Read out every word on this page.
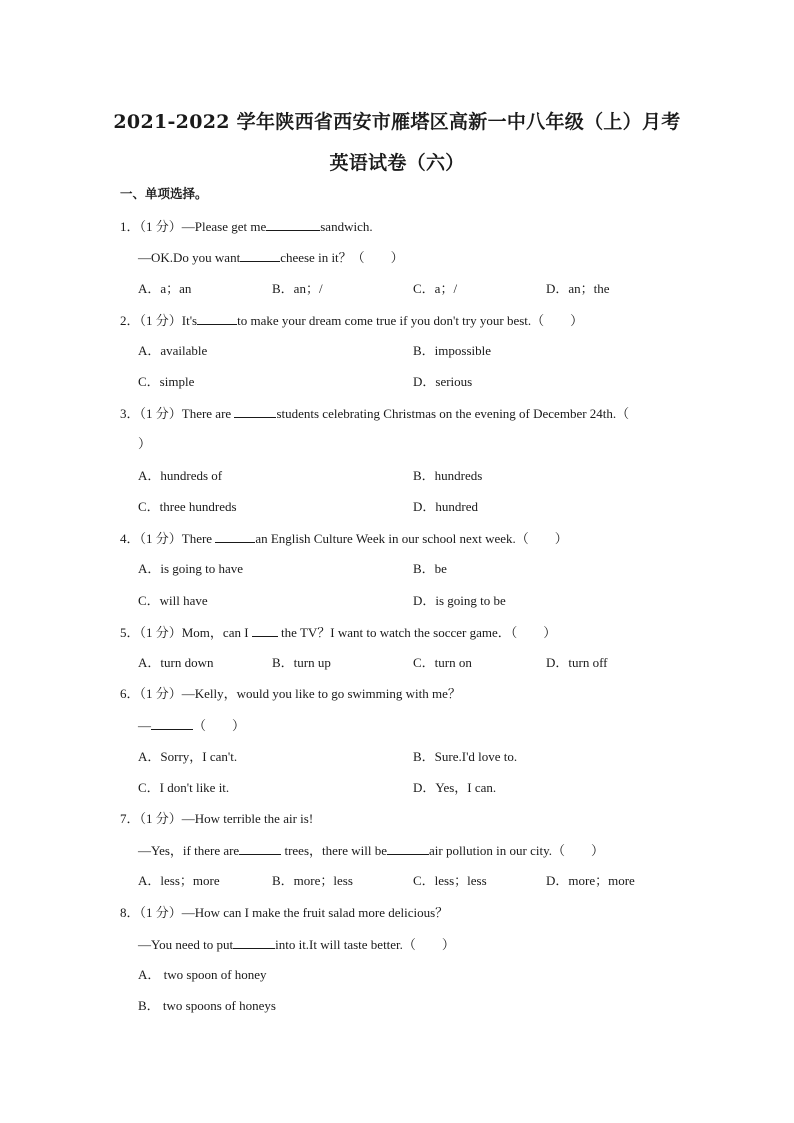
2021-2022 学年陕西省西安市雁塔区高新一中八年级（上）月考
英语试卷（六）
一、单项选择。
1．（1 分）—Please get me	sandwich.
—OK.Do you want	cheese in it？（　　）
A．a；an	B．an；/	C．a；/	D．an；the
2．（1 分）It's	to make your dream come true if you don't try your best.（　　）
A．available	B．impossible
C．simple	D．serious
3．（1 分）There are	students celebrating Christmas on the evening of December 24th.（
）
A．hundreds of	B．hundreds
C．three hundreds	D．hundred
4．（1 分）There	an English Culture Week in our school next week.（　　）
A．is going to have	B．be
C．will have	D．is going to be
5．（1 分）Mom，can I  the TV？I want to watch the soccer game．（　　）
A．turn down	B．turn up	C．turn on	D．turn off
6．（1 分）—Kelly，would you like to go swimming with me？
—	（　　）
A．Sorry，I can't.	B．Sure.I'd love to.
C．I don't like it.	D．Yes，I can.
7．（1 分）—How terrible the air is!
—Yes，if there are	trees，there will be	air pollution in our city.（　　）
A．less；more	B．more；less	C．less；less	D．more；more
8．（1 分）—How can I make the fruit salad more delicious？
—You need to put	into it.It will taste better.（　　）
A． two spoon of honey
B． two spoons of honeys
